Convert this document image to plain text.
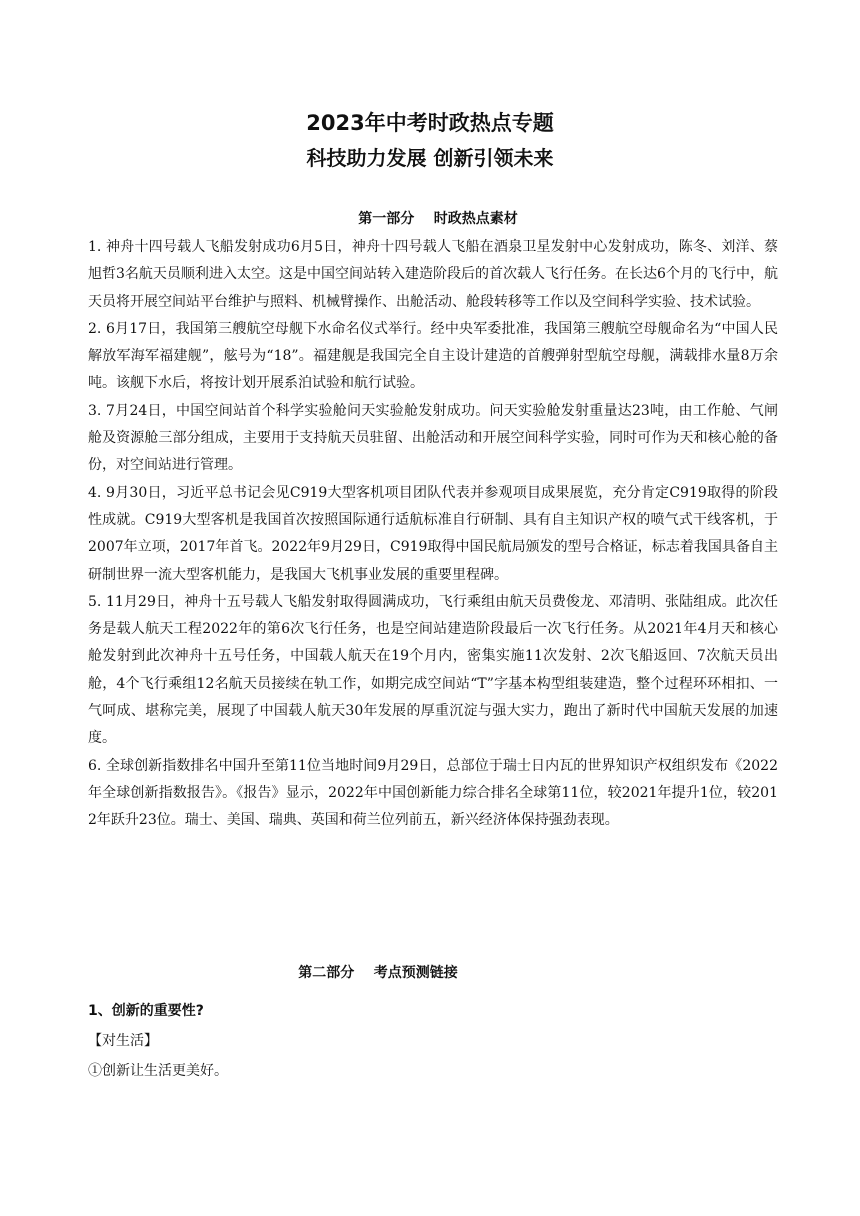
2023年中考时政热点专题
科技助力发展 创新引领未来
第一部分    时政热点素材

1. 神舟十四号载人飞船发射成功6月5日，神舟十四号载人飞船在酒泉卫星发射中心发射成功，陈冬、刘洋、蔡旭哲3名航天员顺利进入太空。这是中国空间站转入建造阶段后的首次载人飞行任务。在长达6个月的飞行中，航天员将开展空间站平台维护与照料、机械臂操作、出舱活动、舱段转移等工作以及空间科学实验、技术试验。

2. 6月17日，我国第三艘航空母舰下水命名仪式举行。经中央军委批准，我国第三艘航空母舰命名为“中国人民解放军海军福建舰”，舷号为“18”。福建舰是我国完全自主设计建造的首艘弹射型航空母舰，满载排水量8万余吨。该舰下水后，将按计划开展系泊试验和航行试验。

3. 7月24日，中国空间站首个科学实验舱问天实验舱发射成功。问天实验舱发射重量达23吨，由工作舱、气闸舱及资源舱三部分组成，主要用于支持航天员驻留、出舱活动和开展空间科学实验，同时可作为天和核心舱的备份，对空间站进行管理。

4. 9月30日，习近平总书记会见C919大型客机项目团队代表并参观项目成果展览，充分肯定C919取得的阶段性成就。C919大型客机是我国首次按照国际通行适航标准自行研制、具有自主知识产权的喷气式干线客机，于2007年立项，2017年首飞。2022年9月29日，C919取得中国民航局颁发的型号合格证，标志着我国具备自主研制世界一流大型客机能力，是我国大飞机事业发展的重要里程碑。

5. 11月29日，神舟十五号载人飞船发射取得圆满成功，飞行乘组由航天员费俊龙、邓清明、张陆组成。此次任务是载人航天工程2022年的第6次飞行任务，也是空间站建造阶段最后一次飞行任务。从2021年4月天和核心舱发射到此次神舟十五号任务，中国载人航天在19个月内，密集实施11次发射、2次飞船返回、7次航天员出舱，4个飞行乘组12名航天员接续在轨工作，如期完成空间站“T”字基本构型组装建造，整个过程环环相扣、一气呵成、堪称完美，展现了中国载人航天30年发展的厚重沉淀与强大实力，跑出了新时代中国航天发展的加速度。

6. 全球创新指数排名中国升至第11位当地时间9月29日，总部位于瑞士日内瓦的世界知识产权组织发布《2022年全球创新指数报告》。《报告》显示，2022年中国创新能力综合排名全球第11位，较2021年提升1位，较2012年跃升23位。瑞士、美国、瑞典、英国和荷兰位列前五，新兴经济体保持强劲表现。

第二部分    考点预测链接

1、创新的重要性?

【对生活】

①创新让生活更美好。
